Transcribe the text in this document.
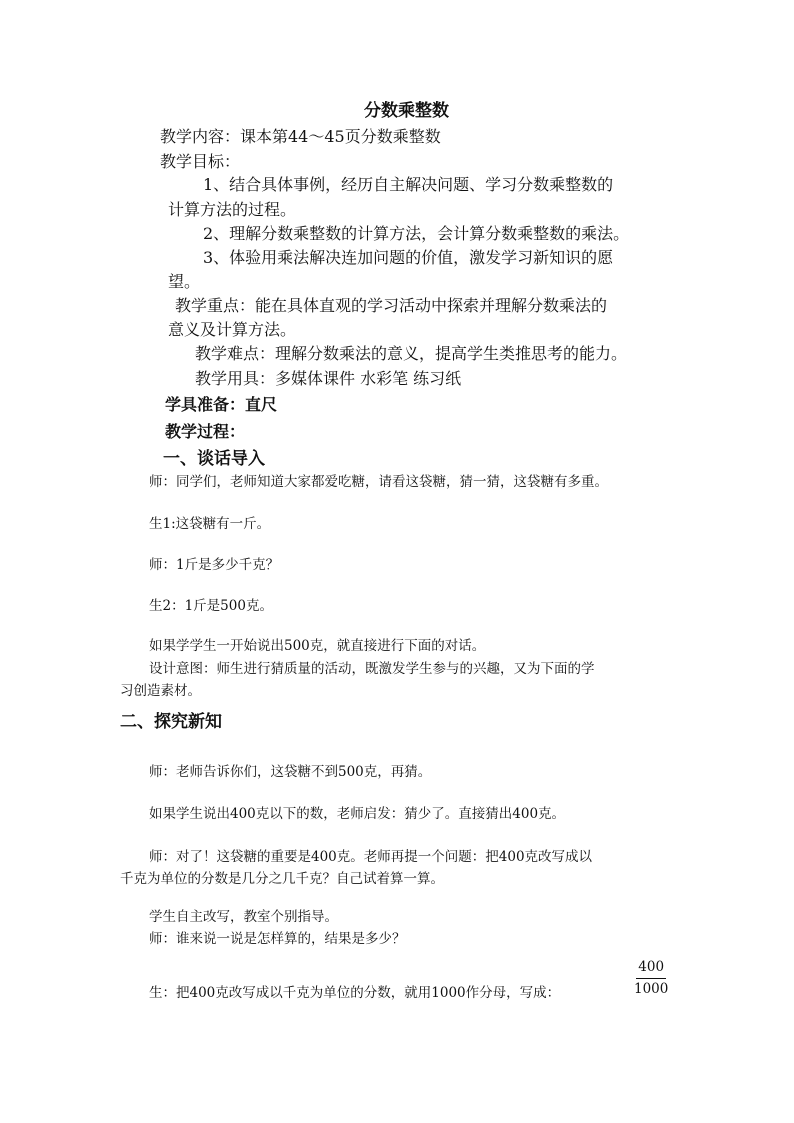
分数乘整数
教学内容：课本第44～45页分数乘整数
教学目标：
1、结合具体事例，经历自主解决问题、学习分数乘整数的
计算方法的过程。
2、理解分数乘整数的计算方法，会计算分数乘整数的乘法。
3、体验用乘法解决连加问题的价值，激发学习新知识的愿
望。
教学重点：能在具体直观的学习活动中探索并理解分数乘法的
意义及计算方法。
教学难点：理解分数乘法的意义，提高学生类推思考的能力。
教学用具：多媒体课件 水彩笔 练习纸
学具准备：直尺
教学过程：
一、谈话导入
师：同学们，老师知道大家都爱吃糖，请看这袋糖，猜一猜，这袋糖有多重。
生1:这袋糖有一斤。
师：1斤是多少千克？
生2：1斤是500克。
如果学学生一开始说出500克，就直接进行下面的对话。
设计意图：师生进行猜质量的活动，既激发学生参与的兴趣，又为下面的学
习创造素材。
二、探究新知
师：老师告诉你们，这袋糖不到500克，再猜。
如果学生说出400克以下的数，老师启发：猜少了。直接猜出400克。
师：对了！这袋糖的重要是400克。老师再提一个问题：把400克改写成以
千克为单位的分数是几分之几千克？自己试着算一算。
学生自主改写，教室个别指导。
师：谁来说一说是怎样算的，结果是多少？
生：把400克改写成以千克为单位的分数，就用1000作分母，写成：	$\frac{400}{1000}$
